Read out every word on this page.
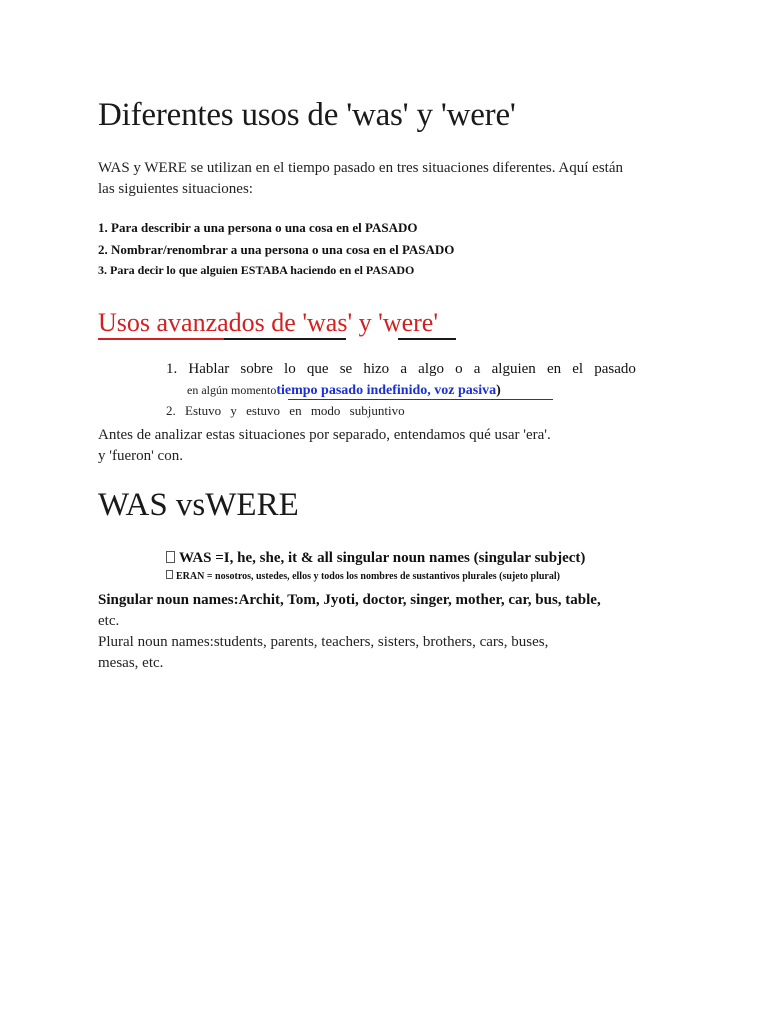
Diferentes usos de 'was' y 'were'
WAS y WERE se utilizan en el tiempo pasado en tres situaciones diferentes. Aquí están
las siguientes situaciones:
1. Para describir a una persona o una cosa en el PASADO
2. Nombrar/renombrar a una persona o una cosa en el PASADO
3. Para decir lo que alguien ESTABA haciendo en el PASADO
Usos avanzados de 'was' y 'were'
1. Hablar sobre lo que se hizo a algo o a alguien en el pasado
en algún momentotiempo pasado indefinido, voz pasiva)
2. Estuvo y estuvo en modo subjuntivo
Antes de analizar estas situaciones por separado, entendamos qué usar 'era'.
y 'fueron' con.
WAS vsWERE
WAS =I, he, she, it & all singular noun names (singular subject)
ERAN = nosotros, ustedes, ellos y todos los nombres de sustantivos plurales (sujeto plural)
Singular noun names:Archit, Tom, Jyoti, doctor, singer, mother, car, bus, table,
etc.
Plural noun names:students, parents, teachers, sisters, brothers, cars, buses,
mesas, etc.
